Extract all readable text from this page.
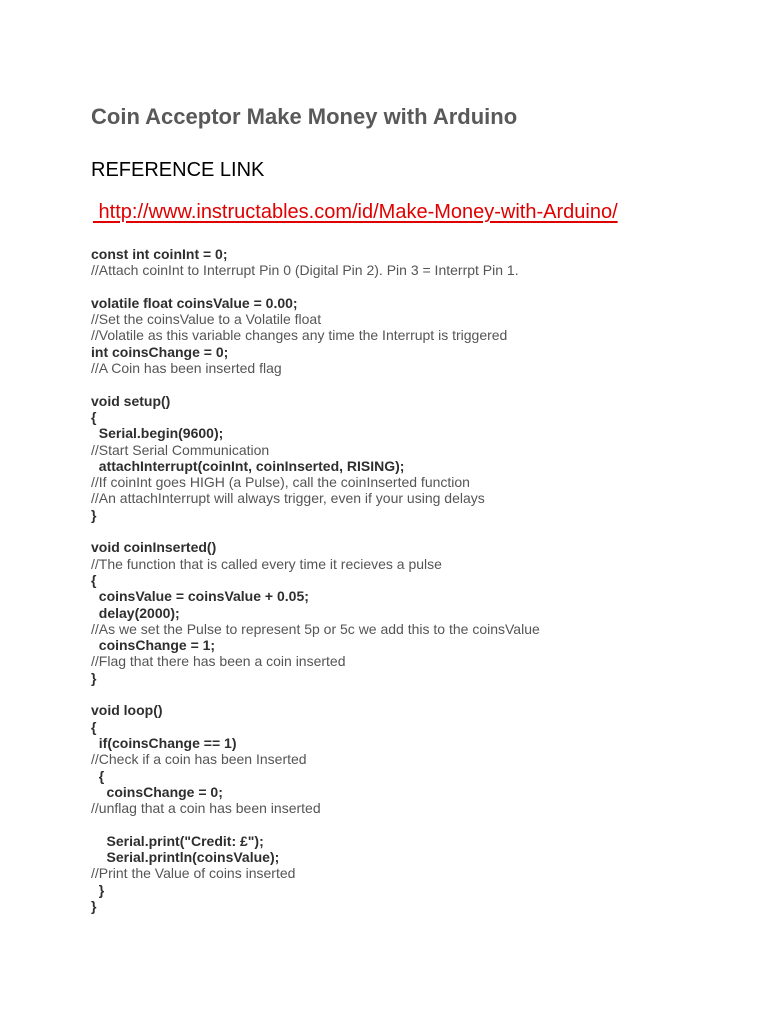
Coin Acceptor Make Money with Arduino
REFERENCE LINK
http://www.instructables.com/id/Make-Money-with-Arduino/
const int coinInt = 0;
//Attach coinInt to Interrupt Pin 0 (Digital Pin 2). Pin 3 = Interrpt Pin 1.
volatile float coinsValue = 0.00;
//Set the coinsValue to a Volatile float
//Volatile as this variable changes any time the Interrupt is triggered
int coinsChange = 0;
//A Coin has been inserted flag
void setup()
{
Serial.begin(9600);
//Start Serial Communication
attachInterrupt(coinInt, coinInserted, RISING);
//If coinInt goes HIGH (a Pulse), call the coinInserted function
//An attachInterrupt will always trigger, even if your using delays
}
void coinInserted()
//The function that is called every time it recieves a pulse
{
coinsValue = coinsValue + 0.05;
delay(2000);
//As we set the Pulse to represent 5p or 5c we add this to the coinsValue
coinsChange = 1;
//Flag that there has been a coin inserted
}
void loop()
{
if(coinsChange == 1)
//Check if a coin has been Inserted
{
coinsChange = 0;
//unflag that a coin has been inserted
Serial.print("Credit: £");
Serial.println(coinsValue);
//Print the Value of coins inserted
}
}
